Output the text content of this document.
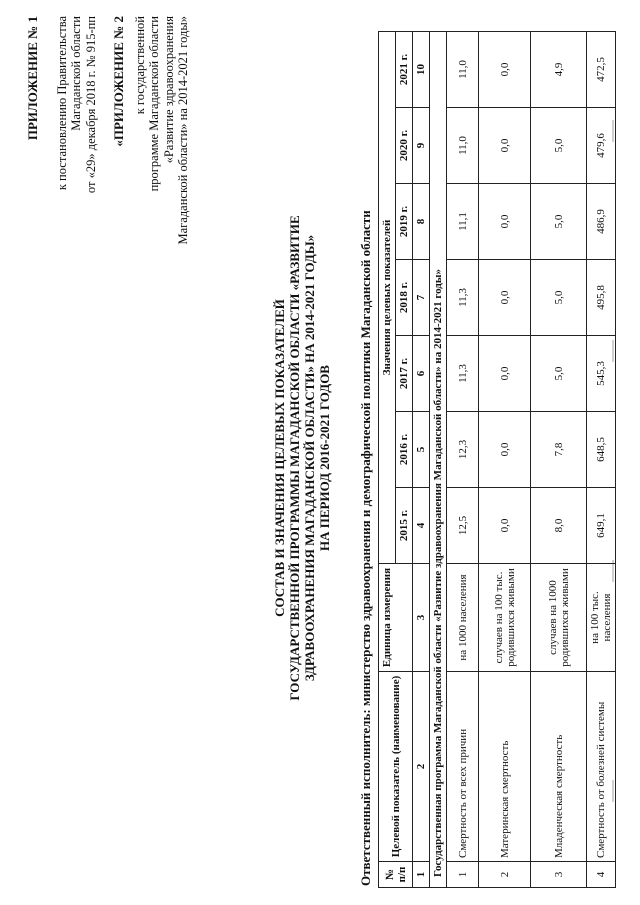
ПРИЛОЖЕНИЕ № 1 к постановлению Правительства Магаданской области от «29» декабря 2018 г. № 915-пп «ПРИЛОЖЕНИЕ № 2 к государственной программе Магаданской области «Развитие здравоохранения Магаданской области» на 2014-2021 годы»
СОСТАВ И ЗНАЧЕНИЯ ЦЕЛЕВЫХ ПОКАЗАТЕЛЕЙ ГОСУДАРСТВЕННОЙ ПРОГРАММЫ МАГАДАНСКОЙ ОБЛАСТИ «РАЗВИТИЕ ЗДРАВООХРАНЕНИЯ МАГАДАНСКОЙ ОБЛАСТИ» НА 2014-2021 ГОДЫ» НА ПЕРИОД 2016-2021 ГОДОВ Ответственный исполнитель: министерство здравоохранения и демографической политики Магаданской области № п/п	Целевой показатель (наименование)	Единица измерения	Значения целевых показателей						
			2015 г.	2016 г.	2017 г.	2018 г.	2019 г.	2020 г.	2021 г.
1	2	3	4	5	6	7	8	9	10
Государственная программа Магаданской области «Развитие здравоохранения Магаданской области» на 2014-2021 годы»									
1	Смертность от всех причин	на 1000 населения	12,5	12,3	11,3	11,3	11,1	11,0	11,0
2	Материнская смертность	случаев на 100 тыс. родившихся живыми	0,0	0,0	0,0	0,0	0,0	0,0	0,0
3	Младенческая смертность	случаев на 1000 родившихся живыми	8,0	7,8	5,0	5,0	5,0	5,0	4,9
4	Смертность от болезней системы	на 100 тыс. населения	649,1	648,5	545,3	495,8	486,9	479,6	472,5
